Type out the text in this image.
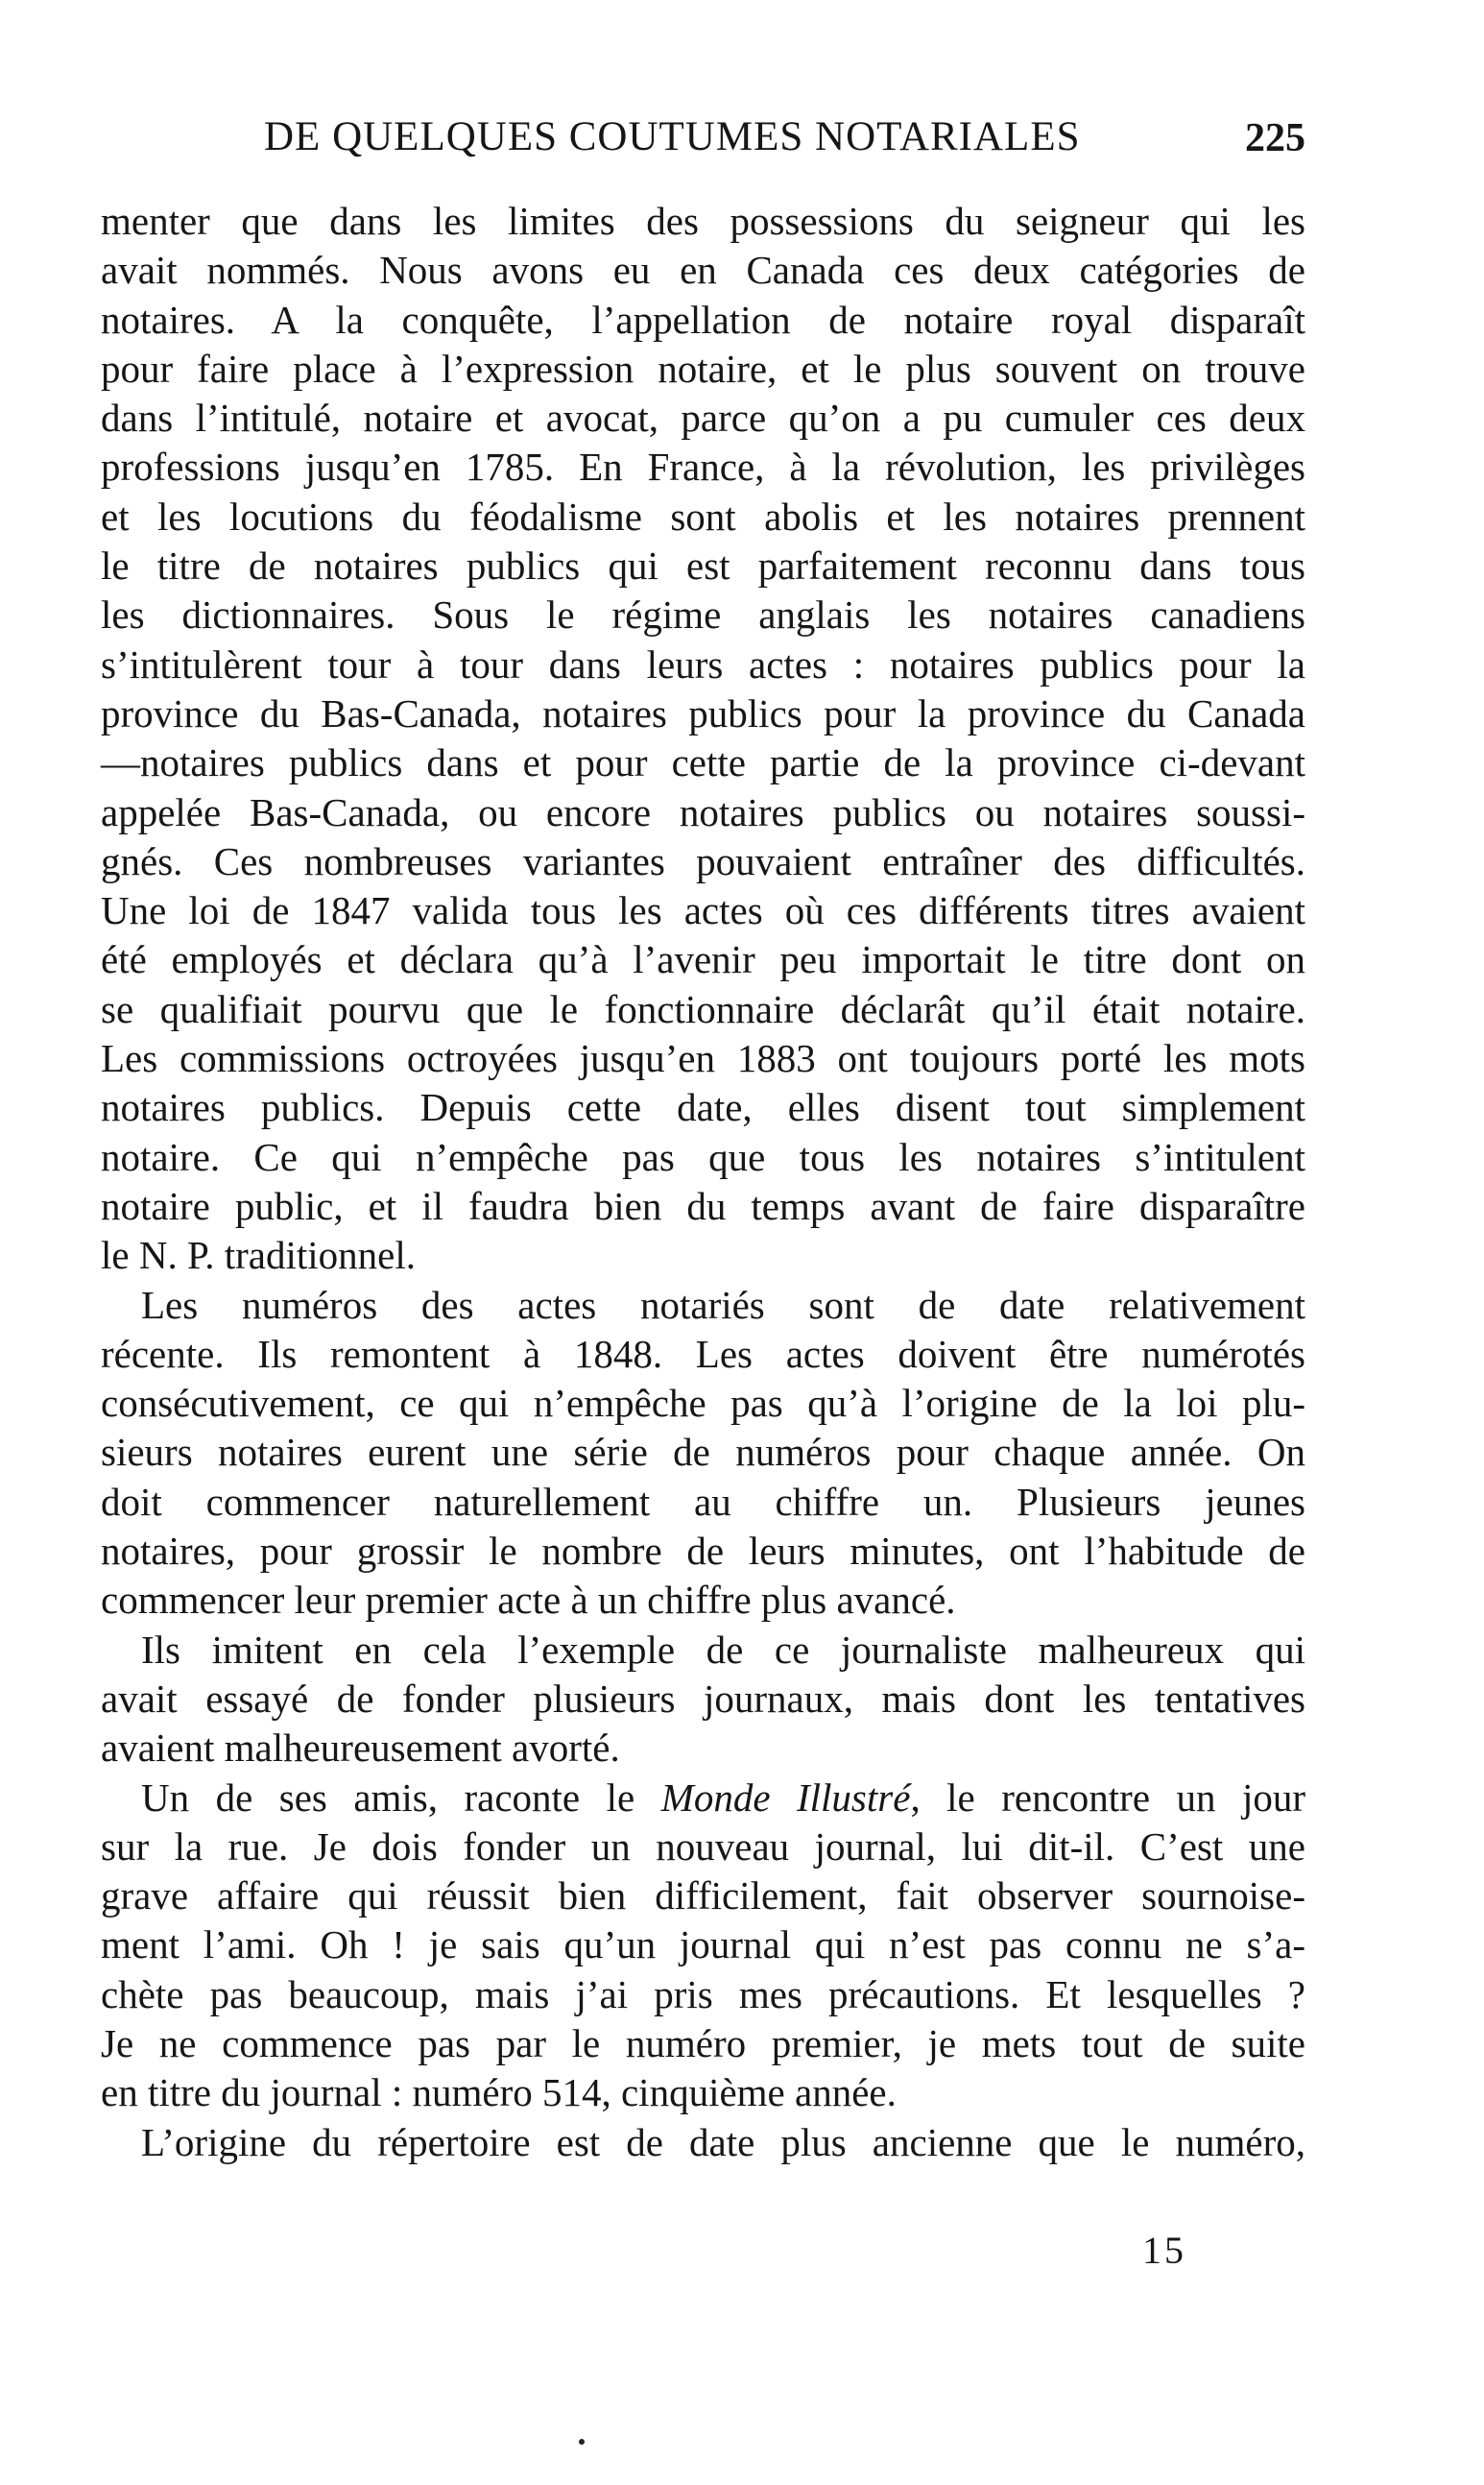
DE QUELQUES COUTUMES NOTARIALES	225
menter que dans les limites des possessions du seigneur qui les
avait nommés. Nous avons eu en Canada ces deux catégories de
notaires. A la conquête, l’appellation de notaire royal disparaît
pour faire place à l’expression notaire, et le plus souvent on trouve
dans l’intitulé, notaire et avocat, parce qu’on a pu cumuler ces deux
professions jusqu’en 1785. En France, à la révolution, les privilèges
et les locutions du féodalisme sont abolis et les notaires prennent
le titre de notaires publics qui est parfaitement reconnu dans tous
les dictionnaires. Sous le régime anglais les notaires canadiens
s’intitulèrent tour à tour dans leurs actes : notaires publics pour la
province du Bas-Canada, notaires publics pour la province du Canada
—notaires publics dans et pour cette partie de la province ci-devant
appelée Bas-Canada, ou encore notaires publics ou notaires soussi-
gnés. Ces nombreuses variantes pouvaient entraîner des difficultés.
Une loi de 1847 valida tous les actes où ces différents titres avaient
été employés et déclara qu’à l’avenir peu importait le titre dont on
se qualifiait pourvu que le fonctionnaire déclarât qu’il était notaire.
Les commissions octroyées jusqu’en 1883 ont toujours porté les mots
notaires publics. Depuis cette date, elles disent tout simplement
notaire. Ce qui n’empêche pas que tous les notaires s’intitulent
notaire public, et il faudra bien du temps avant de faire disparaître
le N. P. traditionnel.
Les numéros des actes notariés sont de date relativement
récente. Ils remontent à 1848. Les actes doivent être numérotés
consécutivement, ce qui n’empêche pas qu’à l’origine de la loi plu-
sieurs notaires eurent une série de numéros pour chaque année. On
doit commencer naturellement au chiffre un. Plusieurs jeunes
notaires, pour grossir le nombre de leurs minutes, ont l’habitude de
commencer leur premier acte à un chiffre plus avancé.
Ils imitent en cela l’exemple de ce journaliste malheureux qui
avait essayé de fonder plusieurs journaux, mais dont les tentatives
avaient malheureusement avorté.
Un de ses amis, raconte le Monde Illustré, le rencontre un jour
sur la rue. Je dois fonder un nouveau journal, lui dit-il. C’est une
grave affaire qui réussit bien difficilement, fait observer sournoise-
ment l’ami. Oh ! je sais qu’un journal qui n’est pas connu ne s’a-
chète pas beaucoup, mais j’ai pris mes précautions. Et lesquelles ?
Je ne commence pas par le numéro premier, je mets tout de suite
en titre du journal : numéro 514, cinquième année.
L’origine du répertoire est de date plus ancienne que le numéro,
15
